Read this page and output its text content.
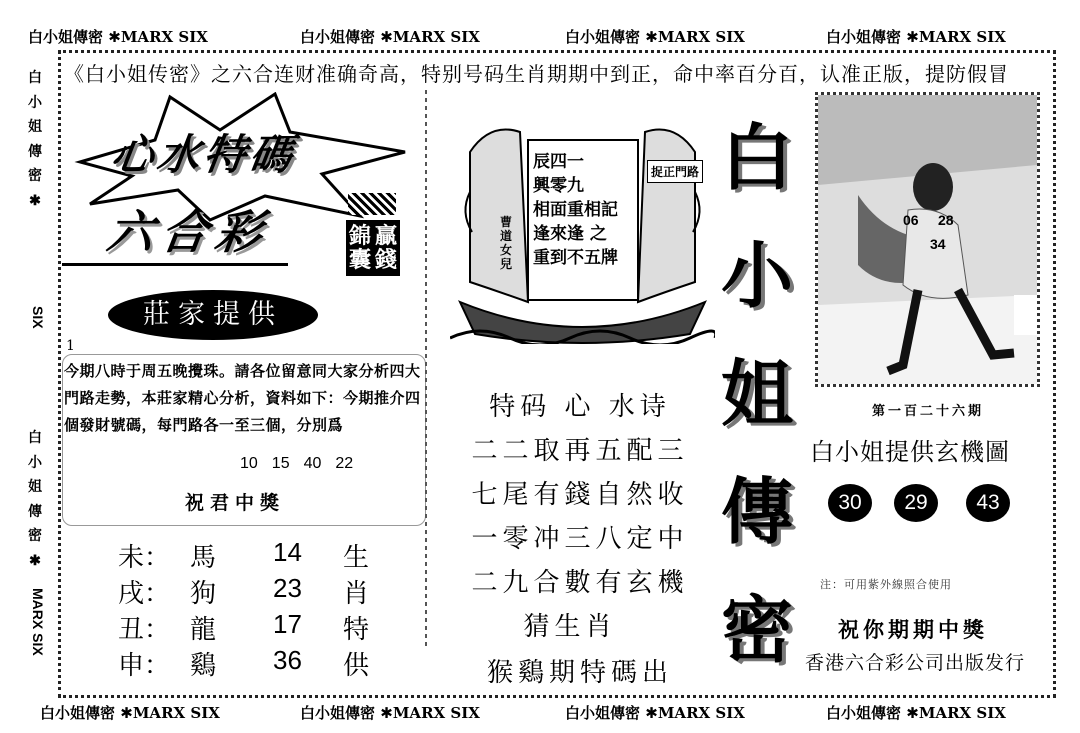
白小姐傳密 ✱MARX SIX	白小姐傳密 ✱MARX SIX	白小姐傳密 ✱MARX SIX	白小姐傳密 ✱MARX SIX
白小姐傳密 ✱MARX SIX	白小姐傳密 ✱MARX SIX	白小姐傳密 ✱MARX SIX	白小姐傳密 ✱MARX SIX
白
小
姐
傳
密
✱
SIX
白
小
姐
傳
密
✱
MARX SIX
《白小姐传密》之六合连财准确奇高，特别号码生肖期期中到正，命中率百分百，认准正版，提防假冒
心水特碼
六合彩	錦
囊
贏
錢
莊家提供
1
今期八時于周五晚攪珠。請各位留意同大家分析四大門路走勢，本莊家精心分析，資料如下：今期推介四個發財號碼，每門路各一至三個，分別爲
10 15 40 22
祝君中獎
未： 馬	14	生
戌： 狗	23	肖
丑： 龍	17	特
申： 鷄	36	供
辰四一
興零九
相面重相記
逢來逢 之
重到不五牌
曹道女兒
捉正門路
特码 心 水诗
二二取再五配三
七尾有錢自然收
一零冲三八定中
二九合數有玄機
猜生肖
猴鷄期特碼出
白
小
姐
傳
密
06 28
34
第一百二十六期
白小姐提供玄機圖
30	29	43
注：可用紫外線照合使用
祝你期期中獎
香港六合彩公司出版发行
